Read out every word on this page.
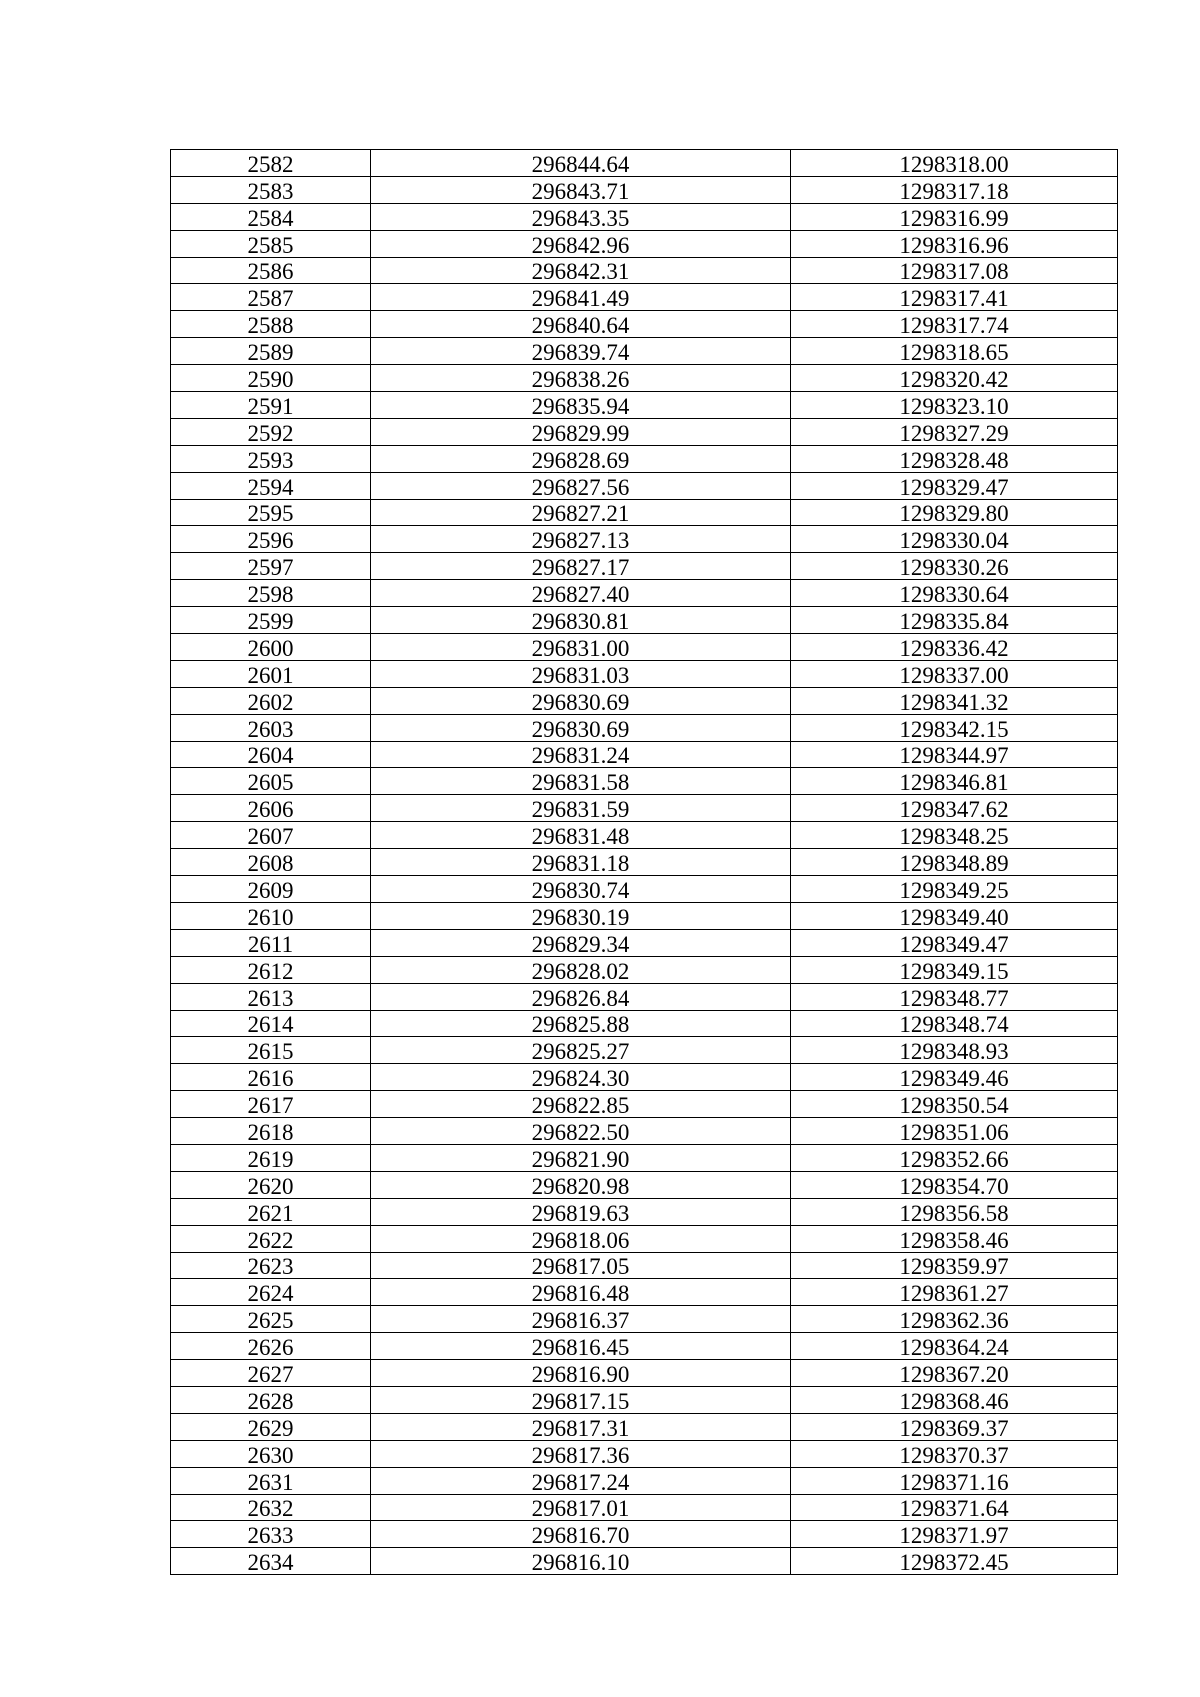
2582	296844.64	1298318.00
2583	296843.71	1298317.18
2584	296843.35	1298316.99
2585	296842.96	1298316.96
2586	296842.31	1298317.08
2587	296841.49	1298317.41
2588	296840.64	1298317.74
2589	296839.74	1298318.65
2590	296838.26	1298320.42
2591	296835.94	1298323.10
2592	296829.99	1298327.29
2593	296828.69	1298328.48
2594	296827.56	1298329.47
2595	296827.21	1298329.80
2596	296827.13	1298330.04
2597	296827.17	1298330.26
2598	296827.40	1298330.64
2599	296830.81	1298335.84
2600	296831.00	1298336.42
2601	296831.03	1298337.00
2602	296830.69	1298341.32
2603	296830.69	1298342.15
2604	296831.24	1298344.97
2605	296831.58	1298346.81
2606	296831.59	1298347.62
2607	296831.48	1298348.25
2608	296831.18	1298348.89
2609	296830.74	1298349.25
2610	296830.19	1298349.40
2611	296829.34	1298349.47
2612	296828.02	1298349.15
2613	296826.84	1298348.77
2614	296825.88	1298348.74
2615	296825.27	1298348.93
2616	296824.30	1298349.46
2617	296822.85	1298350.54
2618	296822.50	1298351.06
2619	296821.90	1298352.66
2620	296820.98	1298354.70
2621	296819.63	1298356.58
2622	296818.06	1298358.46
2623	296817.05	1298359.97
2624	296816.48	1298361.27
2625	296816.37	1298362.36
2626	296816.45	1298364.24
2627	296816.90	1298367.20
2628	296817.15	1298368.46
2629	296817.31	1298369.37
2630	296817.36	1298370.37
2631	296817.24	1298371.16
2632	296817.01	1298371.64
2633	296816.70	1298371.97
2634	296816.10	1298372.45
